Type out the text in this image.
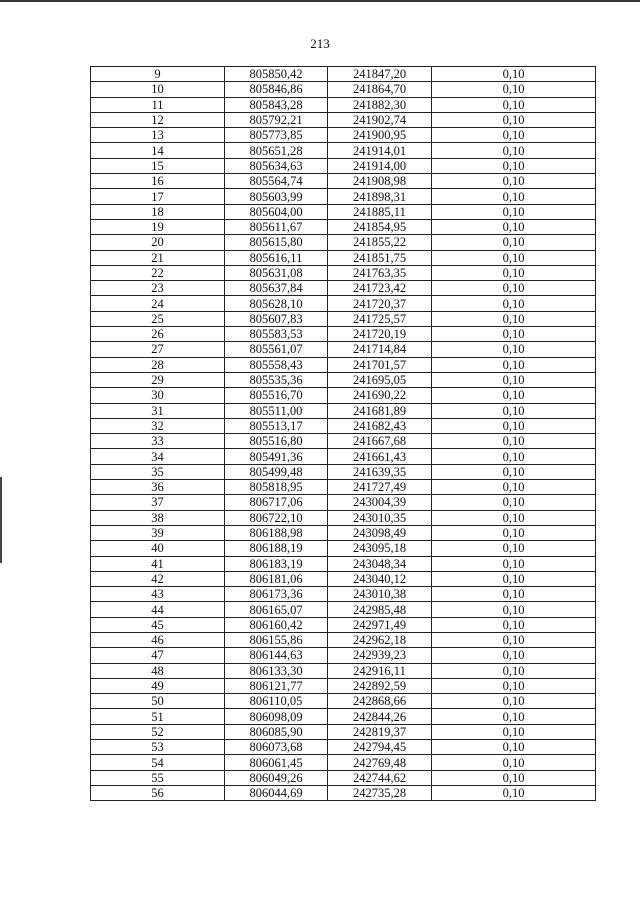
213
9	805850,42	241847,20	0,10
10	805846,86	241864,70	0,10
11	805843,28	241882,30	0,10
12	805792,21	241902,74	0,10
13	805773,85	241900,95	0,10
14	805651,28	241914,01	0,10
15	805634,63	241914,00	0,10
16	805564,74	241908,98	0,10
17	805603,99	241898,31	0,10
18	805604,00	241885,11	0,10
19	805611,67	241854,95	0,10
20	805615,80	241855,22	0,10
21	805616,11	241851,75	0,10
22	805631,08	241763,35	0,10
23	805637,84	241723,42	0,10
24	805628,10	241720,37	0,10
25	805607,83	241725,57	0,10
26	805583,53	241720,19	0,10
27	805561,07	241714,84	0,10
28	805558,43	241701,57	0,10
29	805535,36	241695,05	0,10
30	805516,70	241690,22	0,10
31	805511,00	241681,89	0,10
32	805513,17	241682,43	0,10
33	805516,80	241667,68	0,10
34	805491,36	241661,43	0,10
35	805499,48	241639,35	0,10
36	805818,95	241727,49	0,10
37	806717,06	243004,39	0,10
38	806722,10	243010,35	0,10
39	806188,98	243098,49	0,10
40	806188,19	243095,18	0,10
41	806183,19	243048,34	0,10
42	806181,06	243040,12	0,10
43	806173,36	243010,38	0,10
44	806165,07	242985,48	0,10
45	806160,42	242971,49	0,10
46	806155,86	242962,18	0,10
47	806144,63	242939,23	0,10
48	806133,30	242916,11	0,10
49	806121,77	242892,59	0,10
50	806110,05	242868,66	0,10
51	806098,09	242844,26	0,10
52	806085,90	242819,37	0,10
53	806073,68	242794,45	0,10
54	806061,45	242769,48	0,10
55	806049,26	242744,62	0,10
56	806044,69	242735,28	0,10
